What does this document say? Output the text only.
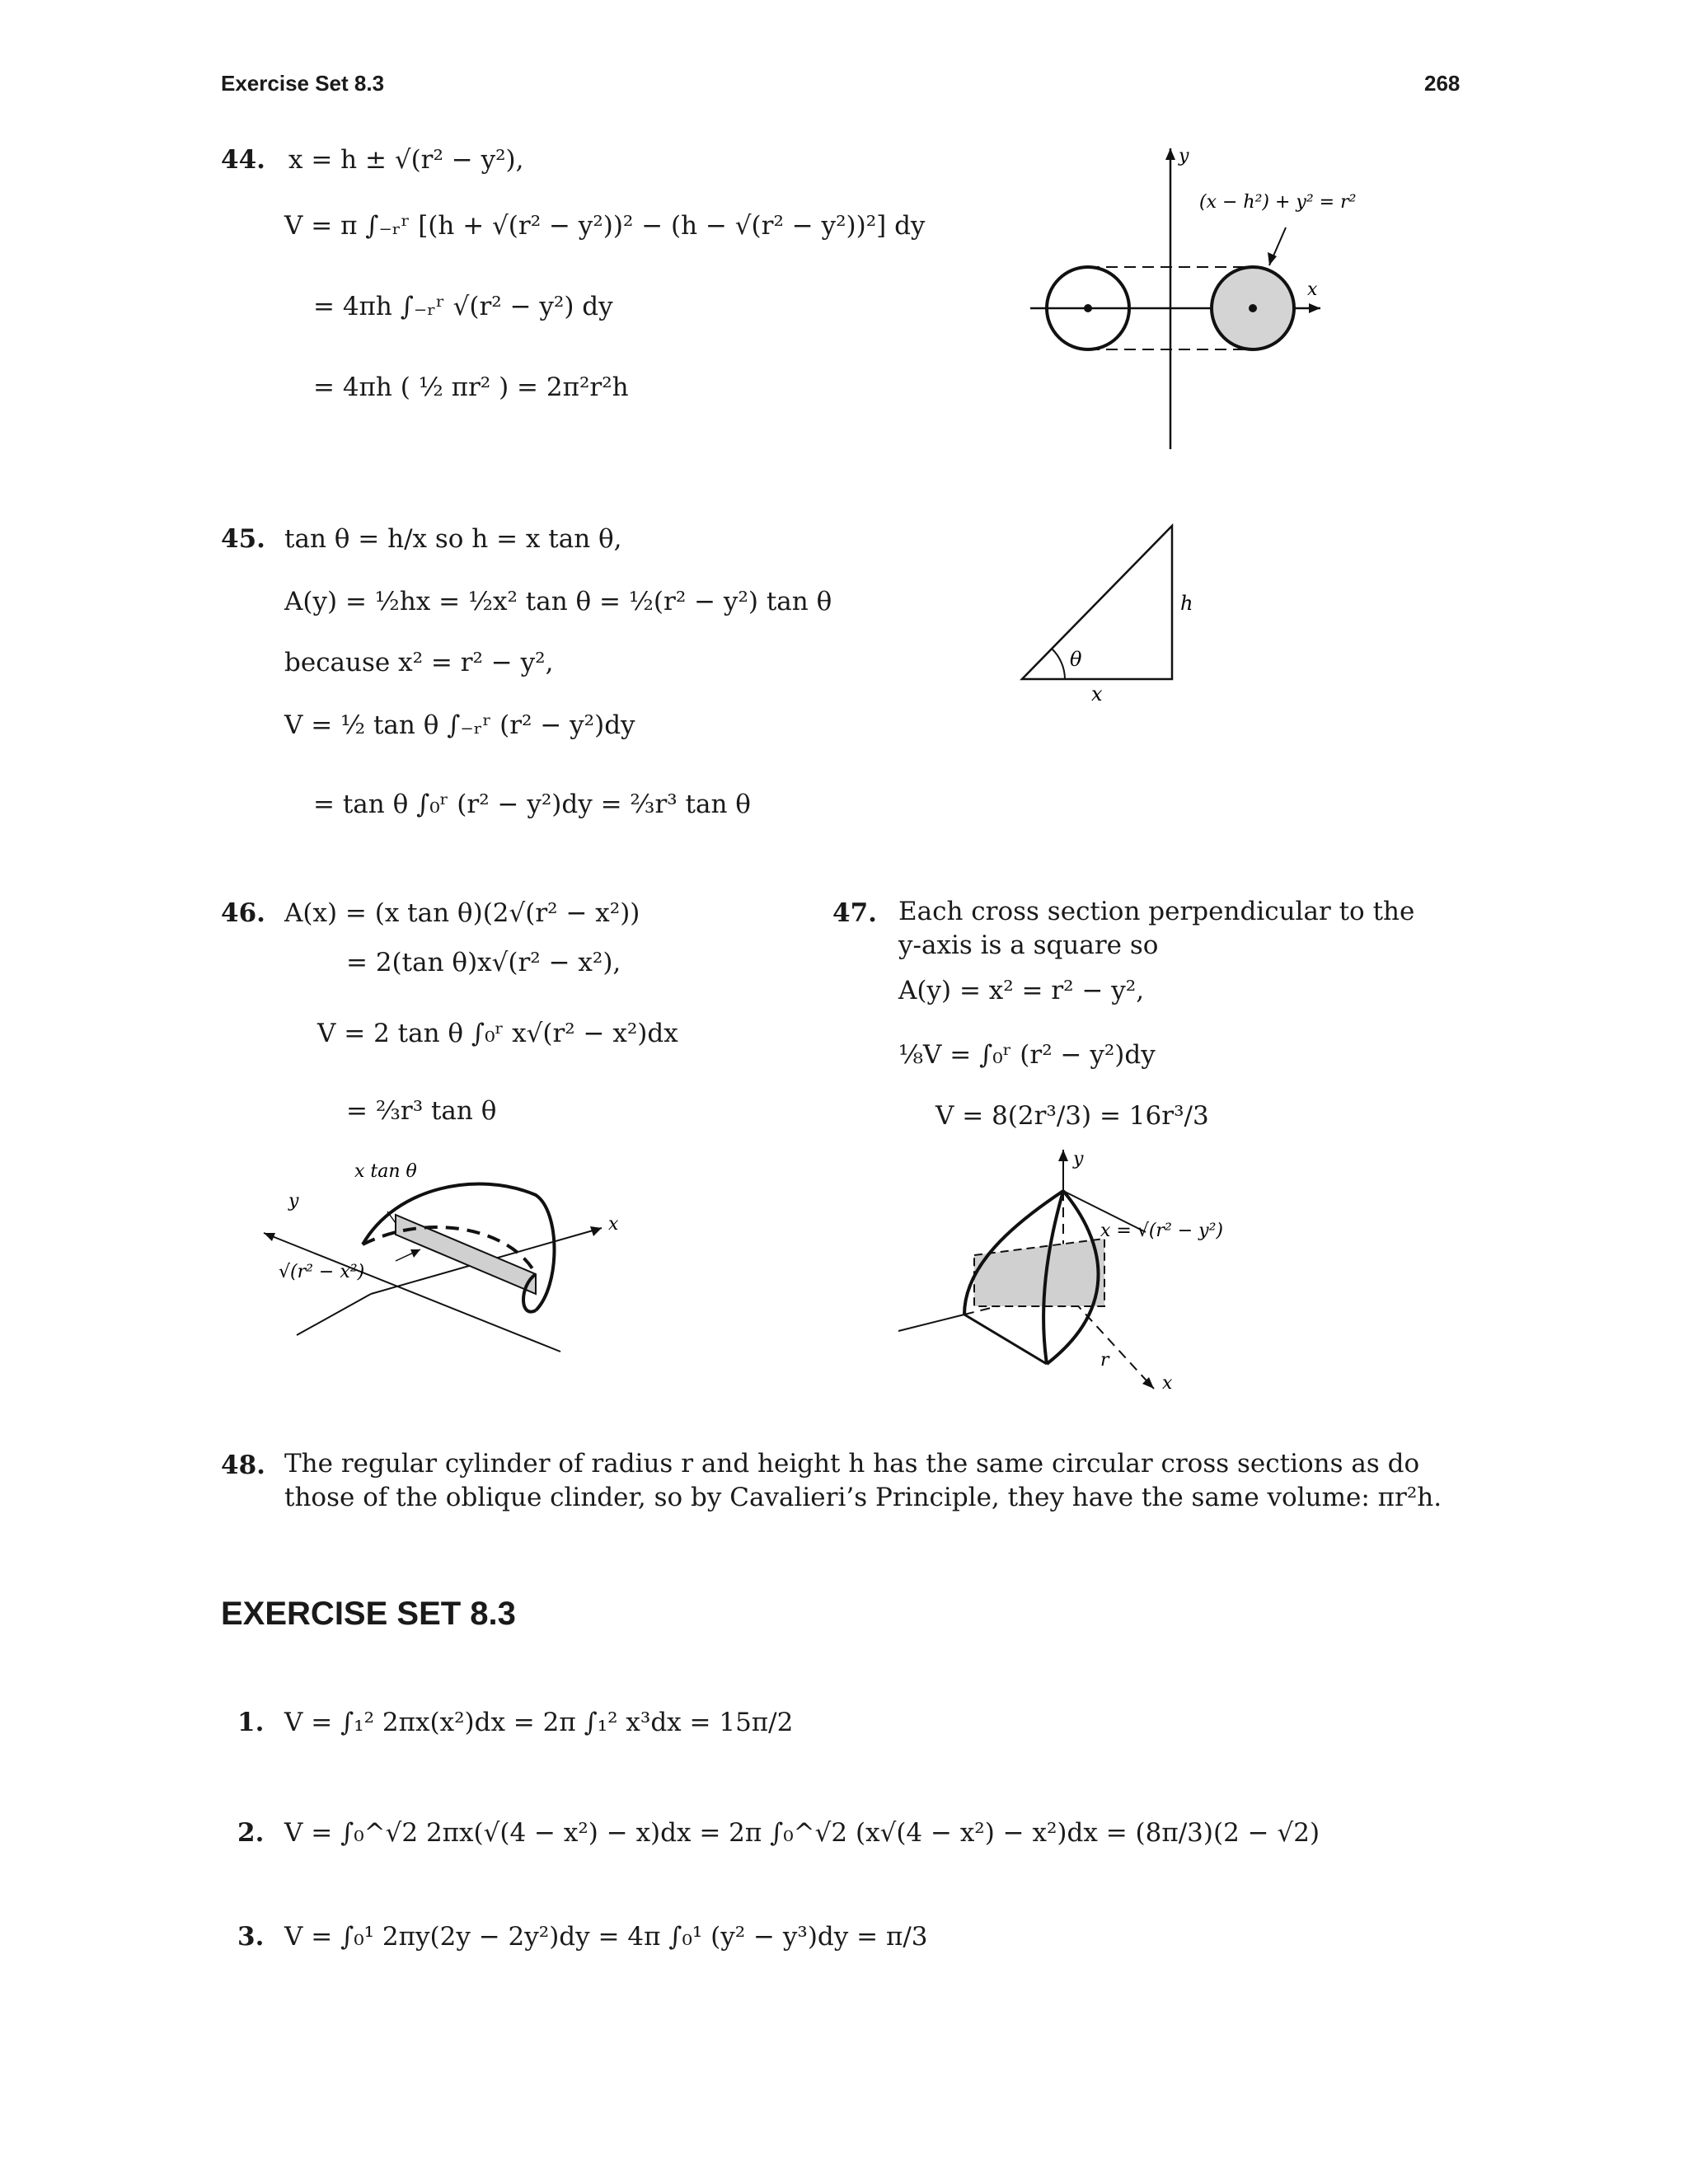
Exercise Set 8.3	268
44. x = h ± √(r² − y²),
V = π ∫₋ᵣʳ [(h + √(r² − y²))² − (h − √(r² − y²))²] dy
= 4πh ∫₋ᵣʳ √(r² − y²) dy
= 4πh ( ½ πr² ) = 2π²r²h
(x − h²) + y² = r²
x
y
45. tan θ = h/x so h = x tan θ,
A(y) = ½hx = ½x² tan θ = ½(r² − y²) tan θ
because x² = r² − y²,
V = ½ tan θ ∫₋ᵣʳ (r² − y²)dy
= tan θ ∫₀ʳ (r² − y²)dy = ⅔r³ tan θ
θ
x
h
46. A(x) = (x tan θ)(2√(r² − x²))
= 2(tan θ)x√(r² − x²),
V = 2 tan θ ∫₀ʳ x√(r² − x²)dx
= ⅔r³ tan θ
x tan θ
√(r² − x²)
x
y
47. Each cross section perpendicular to the
y-axis is a square so
A(y) = x² = r² − y²,
⅛V = ∫₀ʳ (r² − y²)dy
V = 8(2r³/3) = 16r³/3
x = √(r² − y²)
r
x
y
48. The regular cylinder of radius r and height h has the same circular cross sections as do those of the oblique clinder, so by Cavalieri’s Principle, they have the same volume: πr²h.
EXERCISE SET 8.3
1. V = ∫₁² 2πx(x²)dx = 2π ∫₁² x³dx = 15π/2
2. V = ∫₀^√2 2πx(√(4 − x²) − x)dx = 2π ∫₀^√2 (x√(4 − x²) − x²)dx = (8π/3)(2 − √2)
3. V = ∫₀¹ 2πy(2y − 2y²)dy = 4π ∫₀¹ (y² − y³)dy = π/3
